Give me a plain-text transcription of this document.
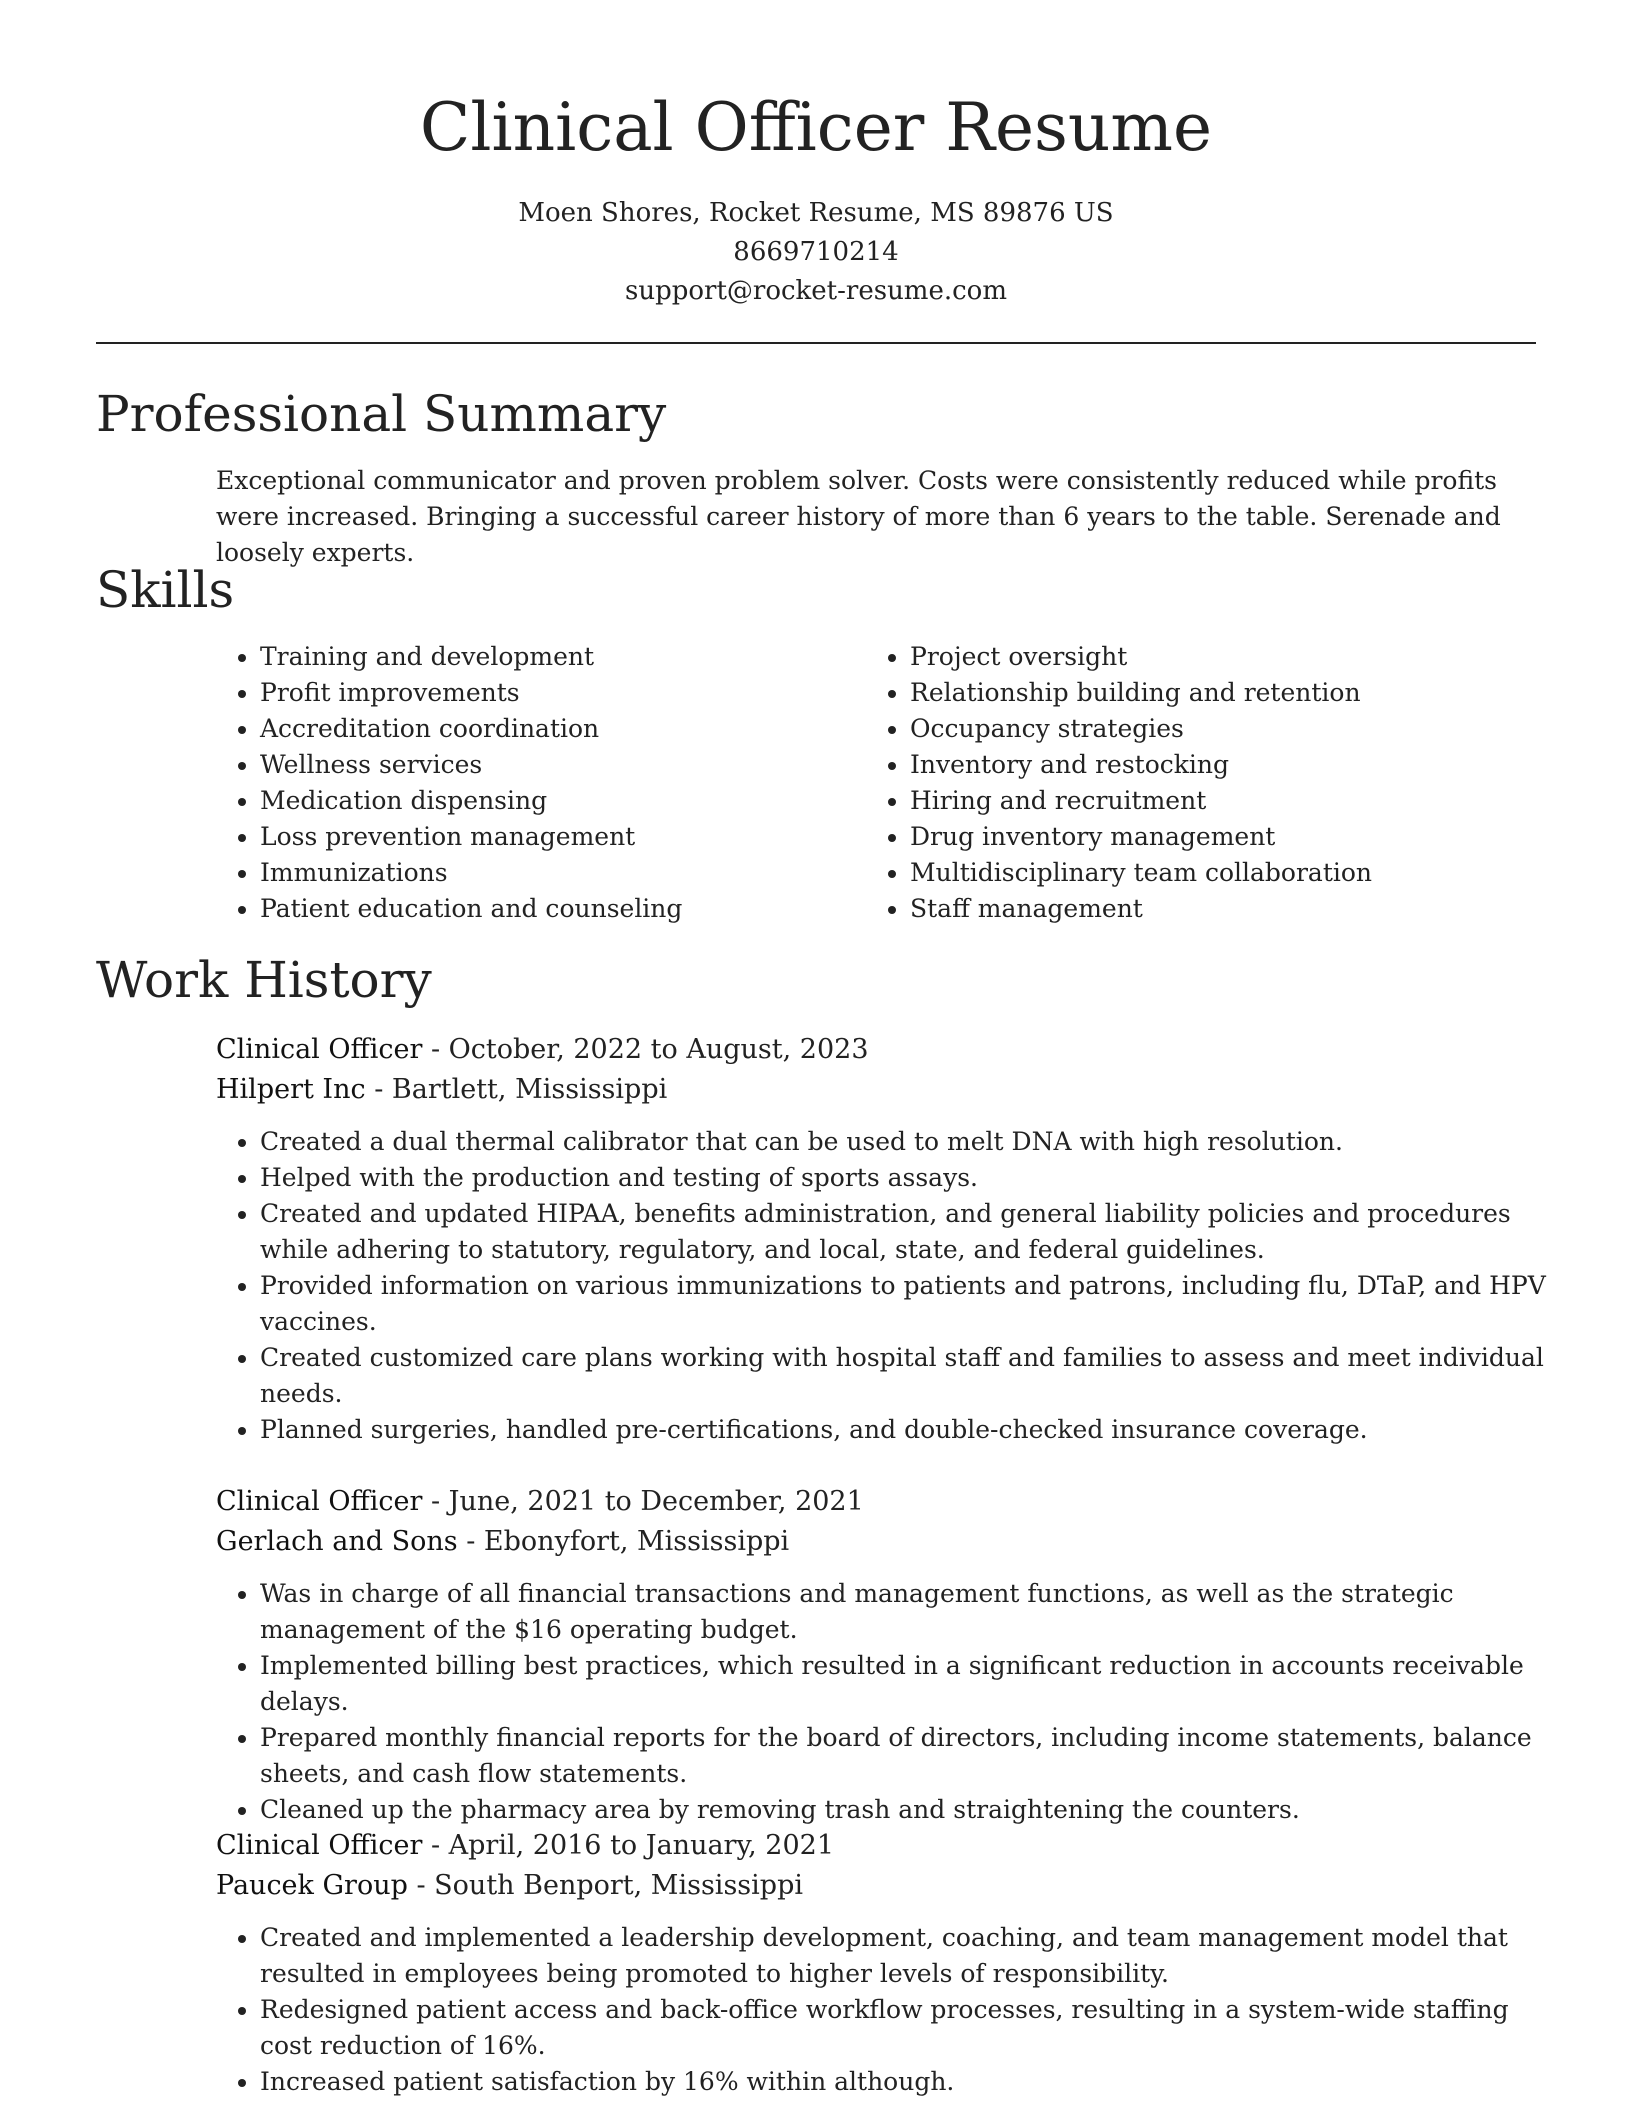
Clinical Officer Resume
Moen Shores, Rocket Resume, MS 89876 US
8669710214
support@rocket-resume.com
Professional Summary

Exceptional communicator and proven problem solver. Costs were consistently reduced while profits were increased. Bringing a successful career history of more than 6 years to the table. Serenade and loosely experts.

Skills
• Training and development
• Profit improvements
• Accreditation coordination
• Wellness services
• Medication dispensing
• Loss prevention management
• Immunizations
• Patient education and counseling
• Project oversight
• Relationship building and retention
• Occupancy strategies
• Inventory and restocking
• Hiring and recruitment
• Drug inventory management
• Multidisciplinary team collaboration
• Staff management
Work History
Clinical Officer - October, 2022 to August, 2023
Hilpert Inc - Bartlett, Mississippi
• Created a dual thermal calibrator that can be used to melt DNA with high resolution.
• Helped with the production and testing of sports assays.
• Created and updated HIPAA, benefits administration, and general liability policies and procedures while adhering to statutory, regulatory, and local, state, and federal guidelines.
• Provided information on various immunizations to patients and patrons, including flu, DTaP, and HPV vaccines.
• Created customized care plans working with hospital staff and families to assess and meet individual needs.
• Planned surgeries, handled pre-certifications, and double-checked insurance coverage.
Clinical Officer - June, 2021 to December, 2021
Gerlach and Sons - Ebonyfort, Mississippi
• Was in charge of all financial transactions and management functions, as well as the strategic management of the $16 operating budget.
• Implemented billing best practices, which resulted in a significant reduction in accounts receivable delays.
• Prepared monthly financial reports for the board of directors, including income statements, balance sheets, and cash flow statements.
• Cleaned up the pharmacy area by removing trash and straightening the counters.
Clinical Officer - April, 2016 to January, 2021
Paucek Group - South Benport, Mississippi
• Created and implemented a leadership development, coaching, and team management model that resulted in employees being promoted to higher levels of responsibility.
• Redesigned patient access and back-office workflow processes, resulting in a system-wide staffing cost reduction of 16%.
• Increased patient satisfaction by 16% within although.
